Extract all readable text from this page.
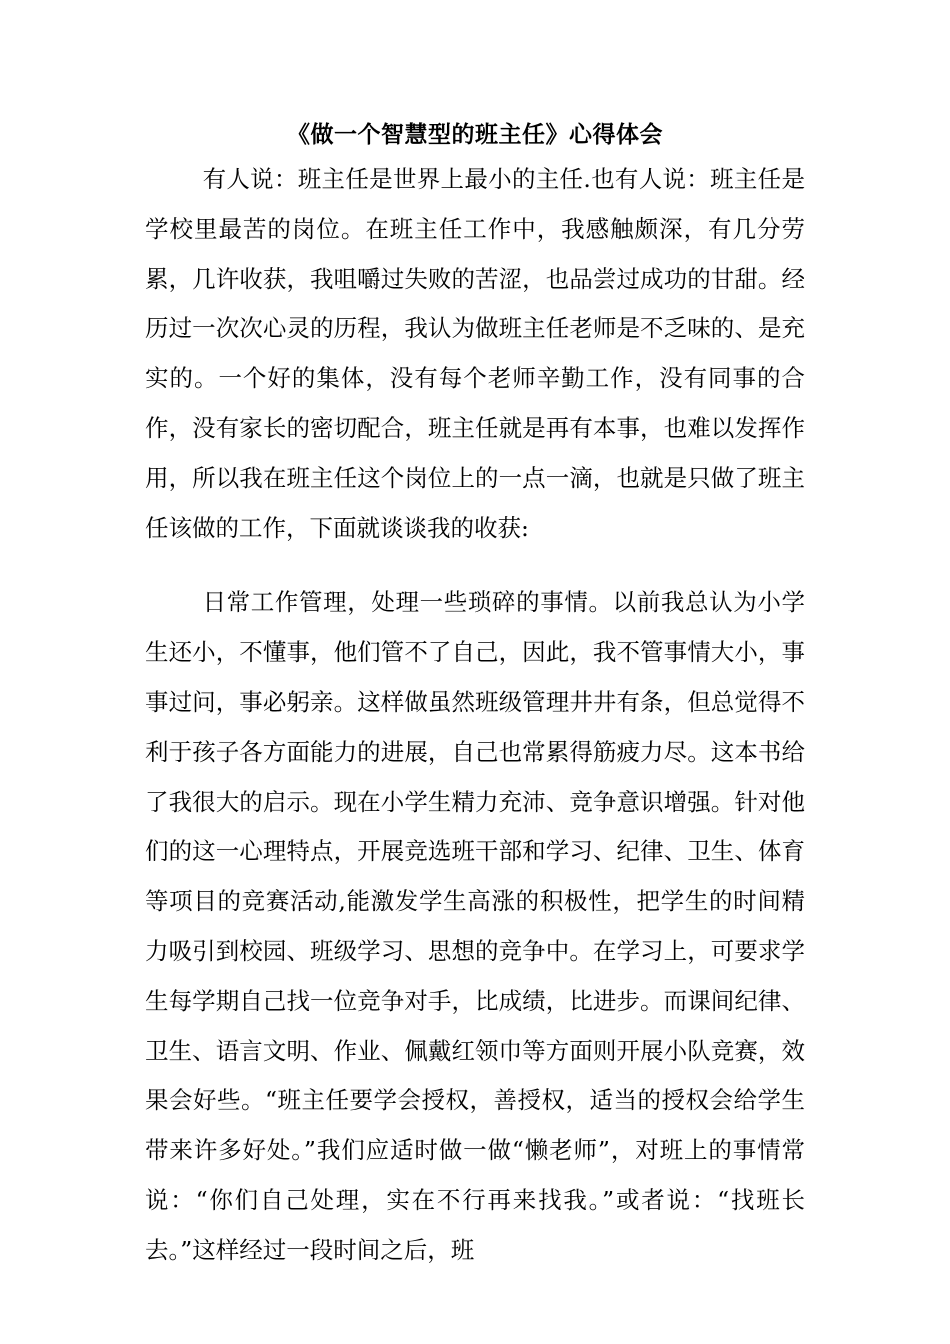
《做一个智慧型的班主任》心得体会

有人说：班主任是世界上最小的主任.也有人说：班主任是学校里最苦的岗位。在班主任工作中，我感触颇深，有几分劳累，几许收获，我咀嚼过失败的苦涩，也品尝过成功的甘甜。经历过一次次心灵的历程，我认为做班主任老师是不乏味的、是充实的。一个好的集体，没有每个老师辛勤工作，没有同事的合作，没有家长的密切配合，班主任就是再有本事，也难以发挥作用，所以我在班主任这个岗位上的一点一滴，也就是只做了班主任该做的工作，下面就谈谈我的收获:

日常工作管理，处理一些琐碎的事情。以前我总认为小学生还小，不懂事，他们管不了自己，因此，我不管事情大小，事事过问，事必躬亲。这样做虽然班级管理井井有条，但总觉得不利于孩子各方面能力的进展，自己也常累得筋疲力尽。这本书给了我很大的启示。现在小学生精力充沛、竞争意识增强。针对他们的这一心理特点，开展竞选班干部和学习、纪律、卫生、体育等项目的竞赛活动,能激发学生高涨的积极性，把学生的时间精力吸引到校园、班级学习、思想的竞争中。在学习上，可要求学生每学期自己找一位竞争对手，比成绩，比进步。而课间纪律、卫生、语言文明、作业、佩戴红领巾等方面则开展小队竞赛，效果会好些。“班主任要学会授权，善授权，适当的授权会给学生带来许多好处。”我们应适时做一做“懒老师”，对班上的事情常说：“你们自己处理，实在不行再来找我。”或者说：“找班长去。”这样经过一段时间之后，班
